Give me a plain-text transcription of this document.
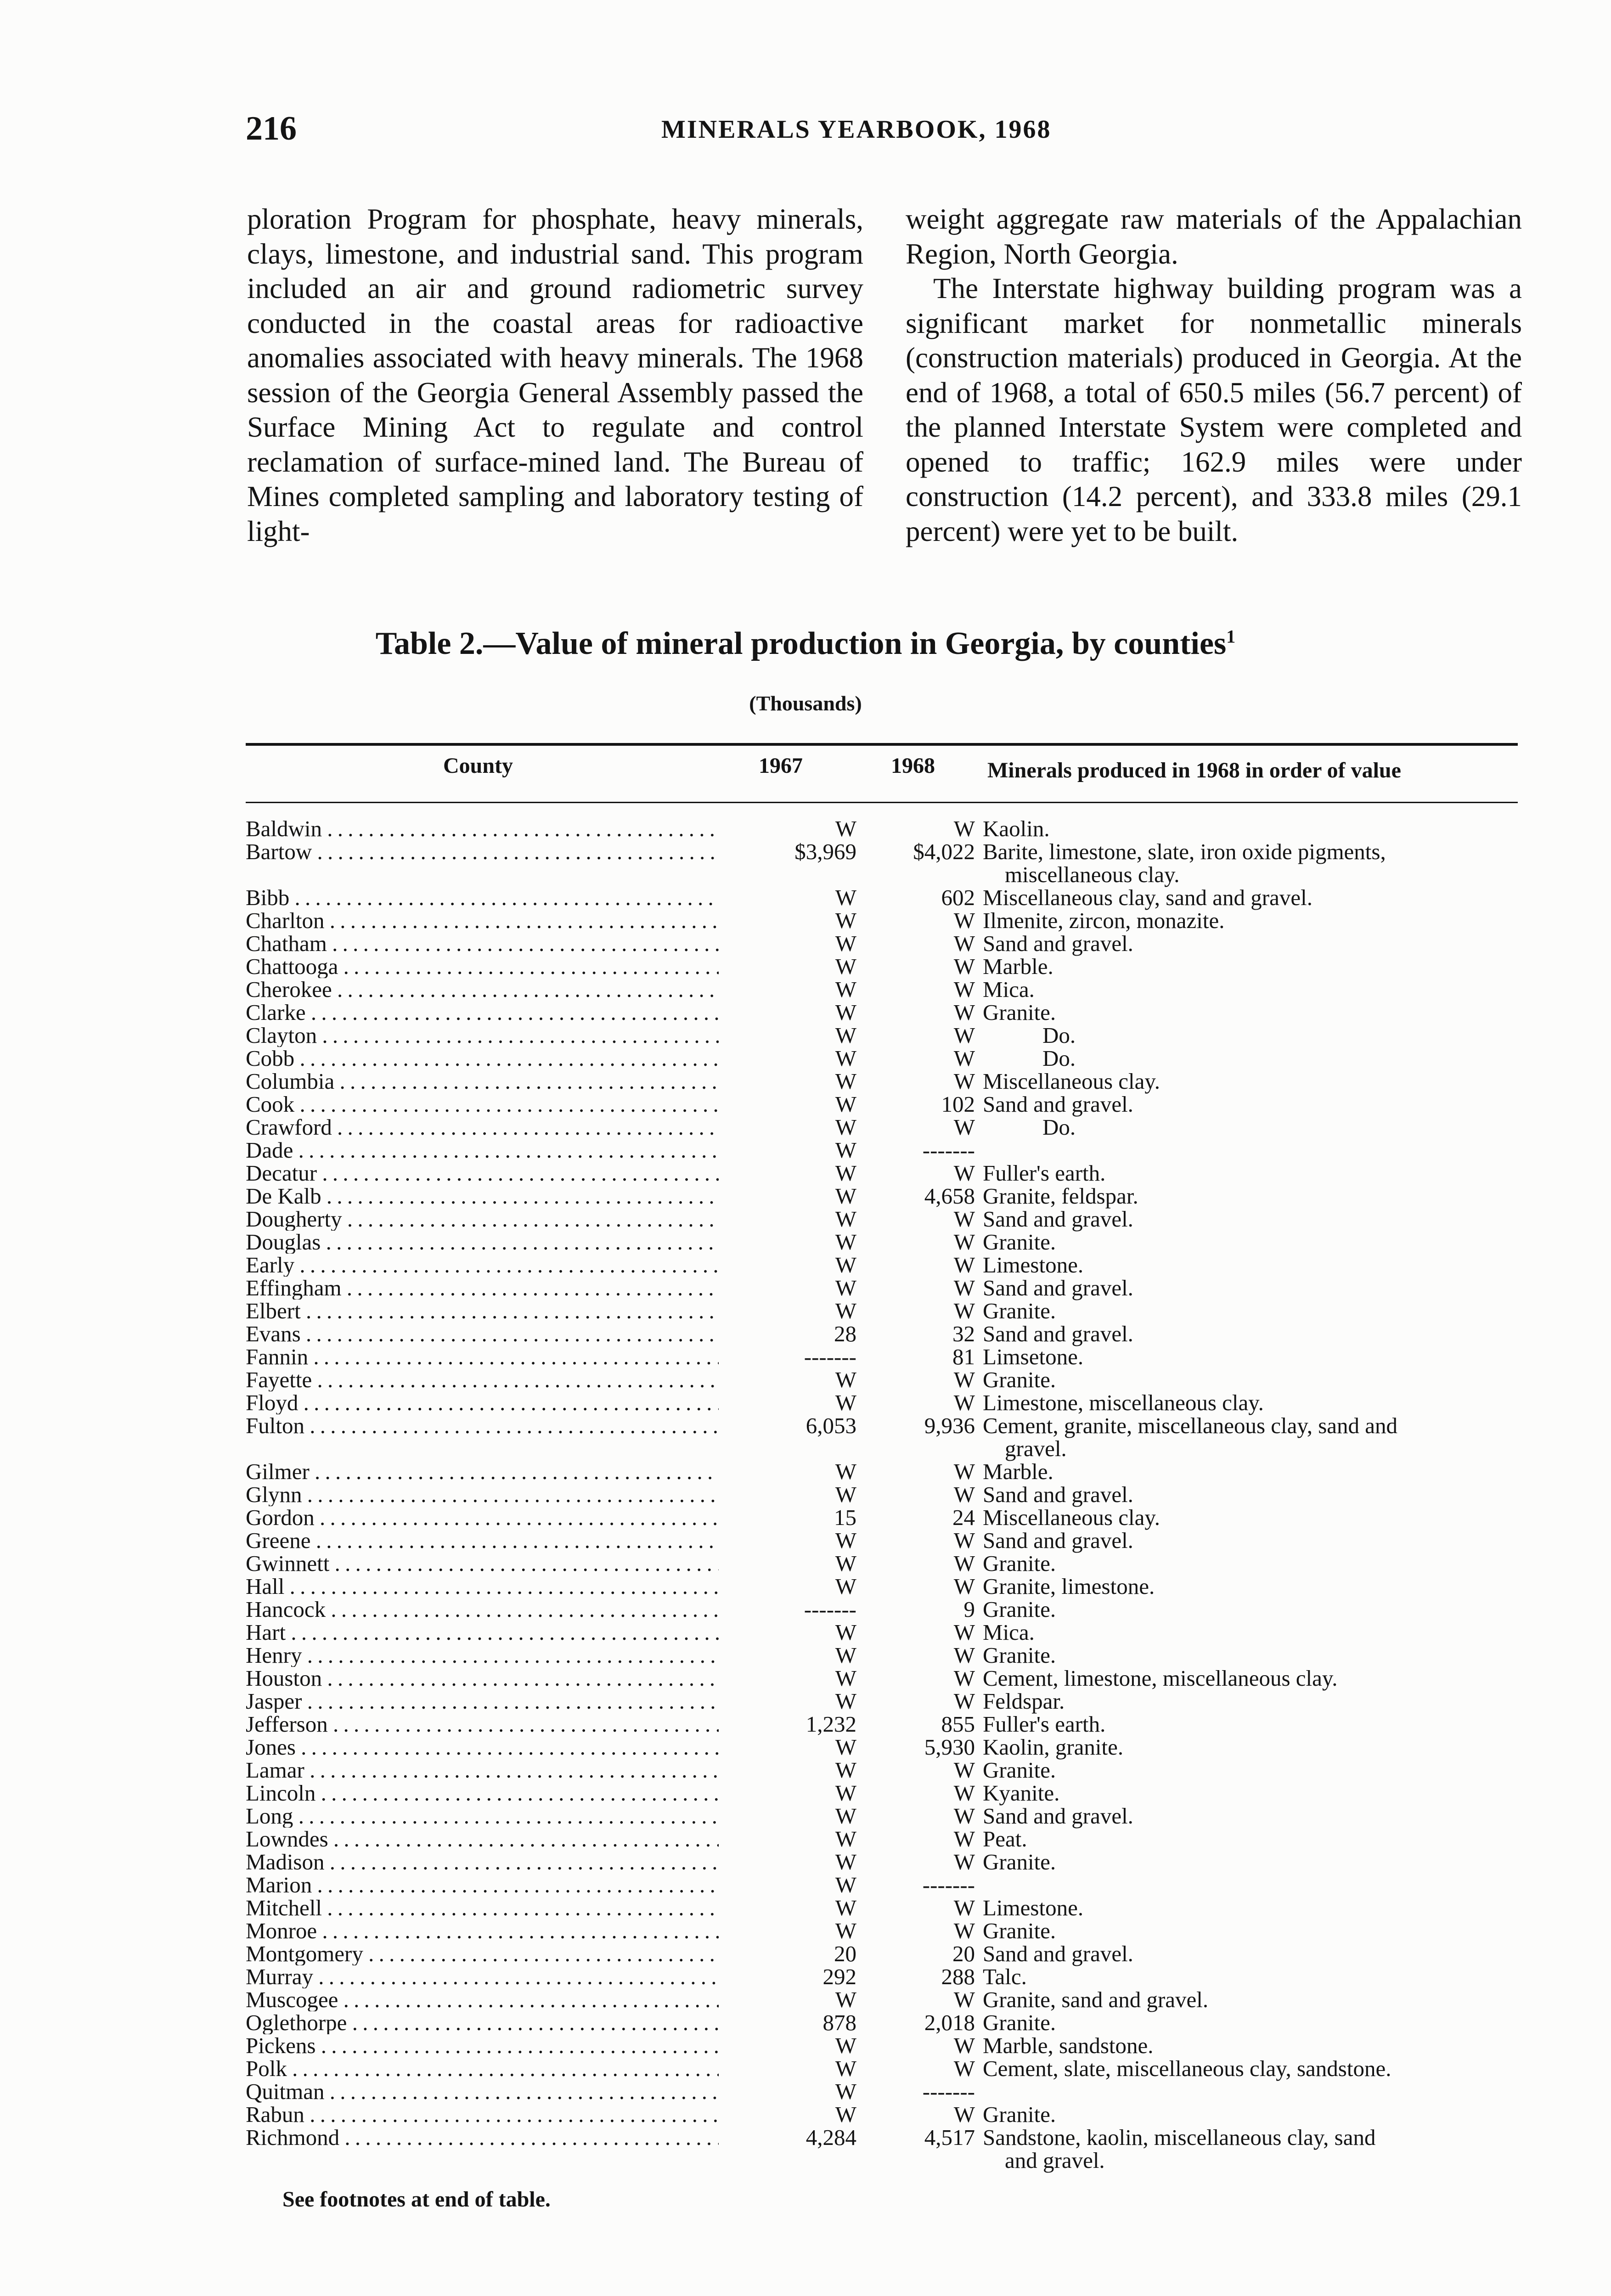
216	MINERALS YEARBOOK, 1968

ploration Program for phosphate, heavy minerals, clays, limestone, and industrial sand. This program included an air and ground radiometric survey conducted in the coastal areas for radioactive anomalies associated with heavy minerals. The 1968 session of the Georgia General Assembly passed the Surface Mining Act to regulate and control reclamation of surface-mined land. The Bureau of Mines completed sampling and laboratory testing of light-

weight aggregate raw materials of the Appalachian Region, North Georgia.

The Interstate highway building program was a significant market for nonmetallic minerals (construction materials) produced in Georgia. At the end of 1968, a total of 650.5 miles (56.7 percent) of the planned Interstate System were completed and opened to traffic; 162.9 miles were under construction (14.2 percent), and 333.8 miles (29.1 percent) were yet to be built.

Table 2.—Value of mineral production in Georgia, by counties$^1$
(Thousands)
County	1967	1968 Minerals produced in 1968 in order of value
Baldwin . . .	W	W Kaolin.
Bartow . . .	$3,969	$4,022 Barite, limestone, slate, iron oxide pigments,
miscellaneous clay.
Bibb . . .	W	602 Miscellaneous clay, sand and gravel.
Charlton . . .	W	W Ilmenite, zircon, monazite.
Chatham . . .	W	W Sand and gravel.
Chattooga . . .	W	W Marble.
Cherokee . . .	W	W Mica.
Clarke . . .	W	W Granite.
Clayton . . .	W	W	Do.
Cobb . . .	W	W	Do.
Columbia . . .	W	W Miscellaneous clay.
Cook . . .	W	102 Sand and gravel.
Crawford . . .	W	W	Do.
Dade . . .	W	-------
Decatur . . .	W	W Fuller's earth.
De Kalb . . .	W	4,658 Granite, feldspar.
Dougherty . . .	W	W Sand and gravel.
Douglas . . .	W	W Granite.
Early . . .	W	W Limestone.
Effingham . . .	W	W Sand and gravel.
Elbert . . .	W	W Granite.
Evans . . .	28	32 Sand and gravel.
Fannin . . .	-------	81 Limsetone.
Fayette . . .	W	W Granite.
Floyd . . .	W	W Limestone, miscellaneous clay.
Fulton . . .	6,053	9,936 Cement, granite, miscellaneous clay, sand and
gravel.
Gilmer . . .	W	W Marble.
Glynn . . .	W	W Sand and gravel.
Gordon . . .	15	24 Miscellaneous clay.
Greene . . .	W	W Sand and gravel.
Gwinnett . . .	W	W Granite.
Hall . . .	W	W Granite, limestone.
Hancock . . .	-------	9 Granite.
Hart . . .	W	W Mica.
Henry . . .	W	W Granite.
Houston . . .	W	W Cement, limestone, miscellaneous clay.
Jasper . . .	W	W Feldspar.
Jefferson . . .	1,232	855 Fuller's earth.
Jones . . .	W	5,930 Kaolin, granite.
Lamar . . .	W	W Granite.
Lincoln . . .	W	W Kyanite.
Long . . .	W	W Sand and gravel.
Lowndes . . .	W	W Peat.
Madison . . .	W	W Granite.
Marion . . .	W	-------
Mitchell . . .	W	W Limestone.
Monroe . . .	W	W Granite.
Montgomery . . .	20	20 Sand and gravel.
Murray . . .	292	288 Talc.
Muscogee . . .	W	W Granite, sand and gravel.
Oglethorpe . . .	878	2,018 Granite.
Pickens . . .	W	W Marble, sandstone.
Polk . . .	W	W Cement, slate, miscellaneous clay, sandstone.
Quitman . . .	W	-------
Rabun . . .	W	W Granite.
Richmond . . .	4,284	4,517 Sandstone, kaolin, miscellaneous clay, sand
and gravel.
See footnotes at end of table.
